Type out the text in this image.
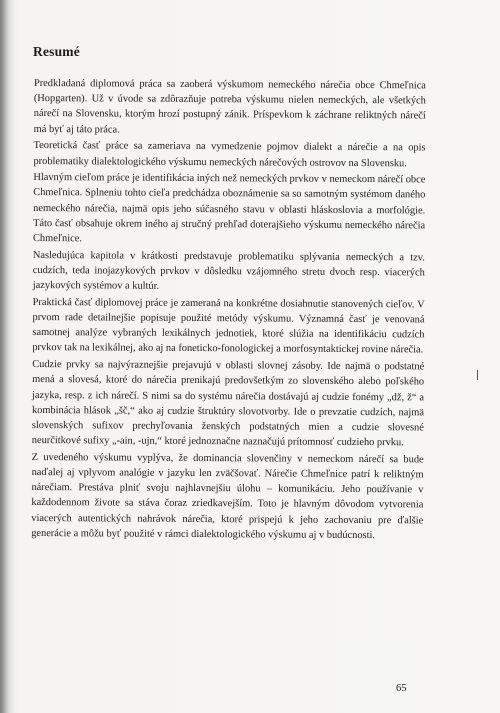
Resumé

Predkladaná diplomová práca sa zaoberá výskumom nemeckého nárečia obce Chmeľnica (Hopgarten). Už v úvode sa zdôrazňuje potreba výskumu nielen nemeckých, ale všetkých nárečí na Slovensku, ktorým hrozí postupný zánik. Príspevkom k záchrane reliktných nárečí má byť aj táto práca.

Teoretická časť práce sa zameriava na vymedzenie pojmov dialekt a nárečie a na opis problematiky dialektologického výskumu nemeckých nárečových ostrovov na Slovensku.

Hlavným cieľom práce je identifikácia iných než nemeckých prvkov v nemeckom nárečí obce Chmeľnica. Splneniu tohto cieľa predchádza oboznámenie sa so samotným systémom daného nemeckého nárečia, najmä opis jeho súčasného stavu v oblasti hláskoslovia a morfológie. Táto časť obsahuje okrem iného aj stručný prehľad doterajšieho výskumu nemeckého nárečia Chmeľnice.

Nasledujúca kapitola v krátkosti predstavuje problematiku splývania nemeckých a tzv. cudzích, teda inojazykových prvkov v dôsledku vzájomného stretu dvoch resp. viacerých jazykových systémov a kultúr.

Praktická časť diplomovej práce je zameraná na konkrétne dosiahnutie stanovených cieľov. V prvom rade detailnejšie popisuje použité metódy výskumu. Významná časť je venovaná samotnej analýze vybraných lexikálnych jednotiek, ktoré slúžia na identifikáciu cudzích prvkov tak na lexikálnej, ako aj na foneticko-fonologickej a morfosyntaktickej rovine nárečia.

Cudzie prvky sa najvýraznejšie prejavujú v oblasti slovnej zásoby. Ide najmä o podstatné mená a slovesá, ktoré do nárečia prenikajú predovšetkým zo slovenského alebo poľského jazyka, resp. z ich nárečí. S nimi sa do systému nárečia dostávajú aj cudzie fonémy „dž, ž“ a kombinácia hlások „šč,“ ako aj cudzie štruktúry slovotvorby. Ide o prevzatie cudzích, najmä slovenských sufixov prechyľovania ženských podstatných mien a cudzie slovesné neurčitkové sufixy „-ain, -ujn,“ ktoré jednoznačne naznačujú prítomnosť cudzieho prvku.

Z uvedeného výskumu vyplýva, že dominancia slovenčiny v nemeckom nárečí sa bude naďalej aj vplyvom analógie v jazyku len zväčšovať. Nárečie Chmeľnice patrí k reliktným nárečiam. Prestáva plniť svoju najhlavnejšiu úlohu – komunikáciu. Jeho používanie v každodennom živote sa stáva čoraz zriedkavejším. Toto je hlavným dôvodom vytvorenia viacerých autentických nahrávok nárečia, ktoré prispejú k jeho zachovaniu pre ďalšie generácie a môžu byť použité v rámci dialektologického výskumu aj v budúcnosti.

65
